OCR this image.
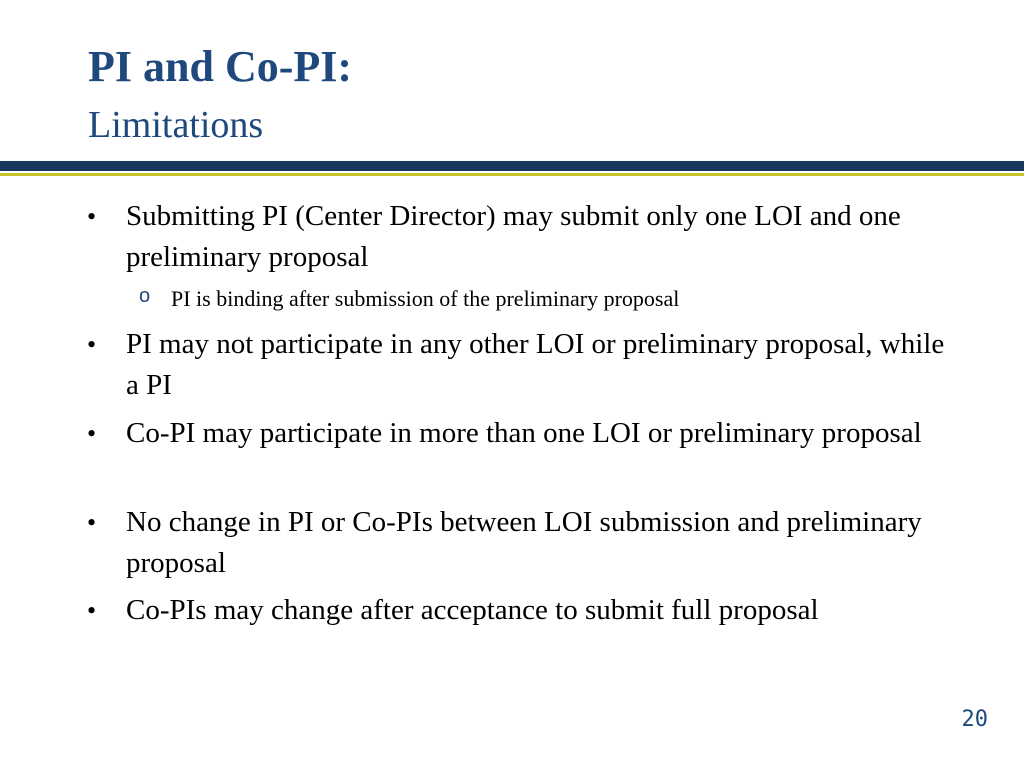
PI and Co-PI:
Limitations
• Submitting PI (Center Director) may submit only one LOI and one preliminary proposal
o PI is binding after submission of the preliminary proposal
• PI may not participate in any other LOI or preliminary proposal, while a PI
• Co-PI may participate in more than one LOI or preliminary proposal
• No change in PI or Co-PIs between LOI submission and preliminary proposal
• Co-PIs may change after acceptance to submit full proposal
20
